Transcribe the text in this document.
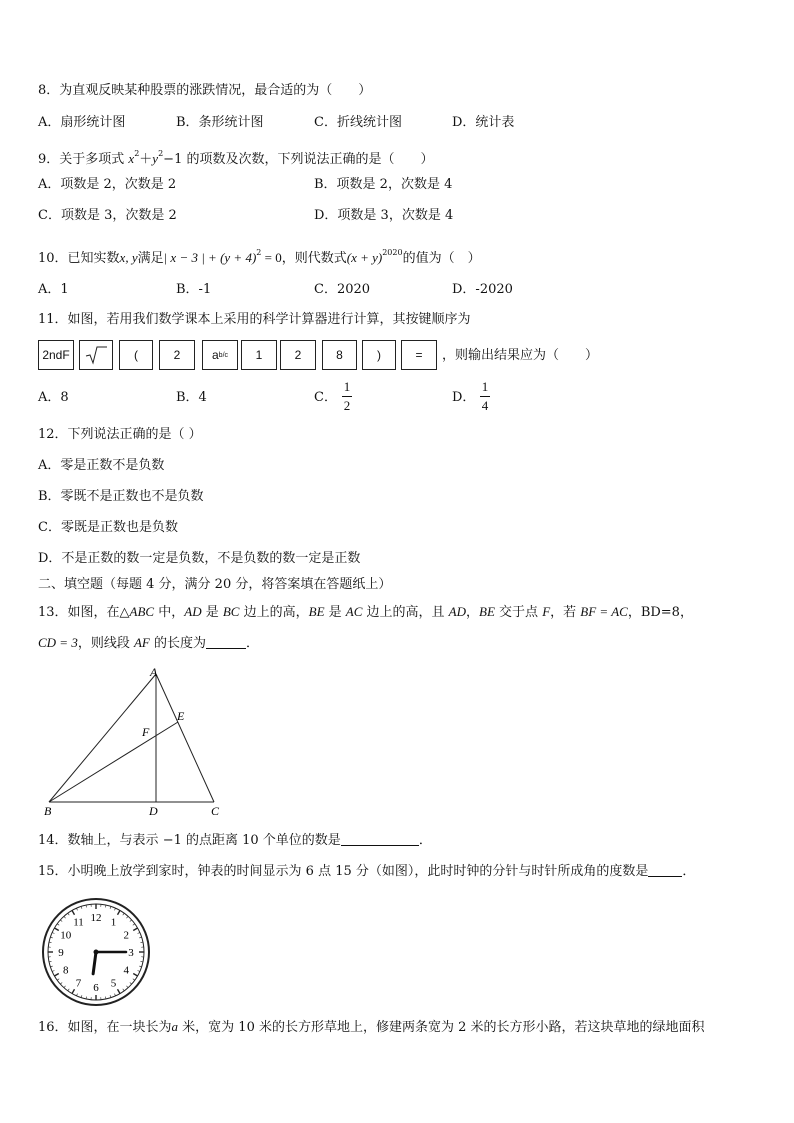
8．为直观反映某种股票的涨跌情况，最合适的为（　　）
A．扇形统计图	B．条形统计图	C．折线统计图	D．统计表
9．关于多项式 $x^2+y^2-1$ 的项数及次数，下列说法正确的是（　　）
A．项数是 2，次数是 2	B．项数是 2，次数是 4
C．项数是 3，次数是 2	D．项数是 3，次数是 4
10．已知实数x, y满足| x − 3 | + $(y + 4)^2 = 0$，则代数式$(x + y)^{2020}$的值为（　）
A．1	B．-1	C．2020	D．-2020
11．如图，若用我们数学课本上采用的科学计算器进行计算，其按键顺序为
2ndF	(	2	a b/c	1	2	8	)	=	，则输出结果应为（　　）
A．8	B．4	C．
1
2
D．
1
4
12．下列说法正确的是（ ）
A．零是正数不是负数
B．零既不是正数也不是负数
C．零既是正数也是负数
D．不是正数的数一定是负数，不是负数的数一定是正数
二、填空题（每题 4 分，满分 20 分，将答案填在答题纸上）
13．如图，在△ABC 中，AD 是 BC 边上的高，BE 是 AC 边上的高，且 AD，BE 交于点 F，若 BF = AC，BD=8，
CD = 3，则线段 AF 的长度为	．
A
B	C
D
E
F
14．数轴上，与表示 −1 的点距离 10 个单位的数是	．
15．小明晚上放学到家时，钟表的时间显示为 6 点 15 分（如图），此时时钟的分针与时针所成角的度数是	．
12 1
2
3
4
5
6
7
8
9
10
11
16．如图，在一块长为a 米，宽为 10 米的长方形草地上，修建两条宽为 2 米的长方形小路，若这块草地的绿地面积
